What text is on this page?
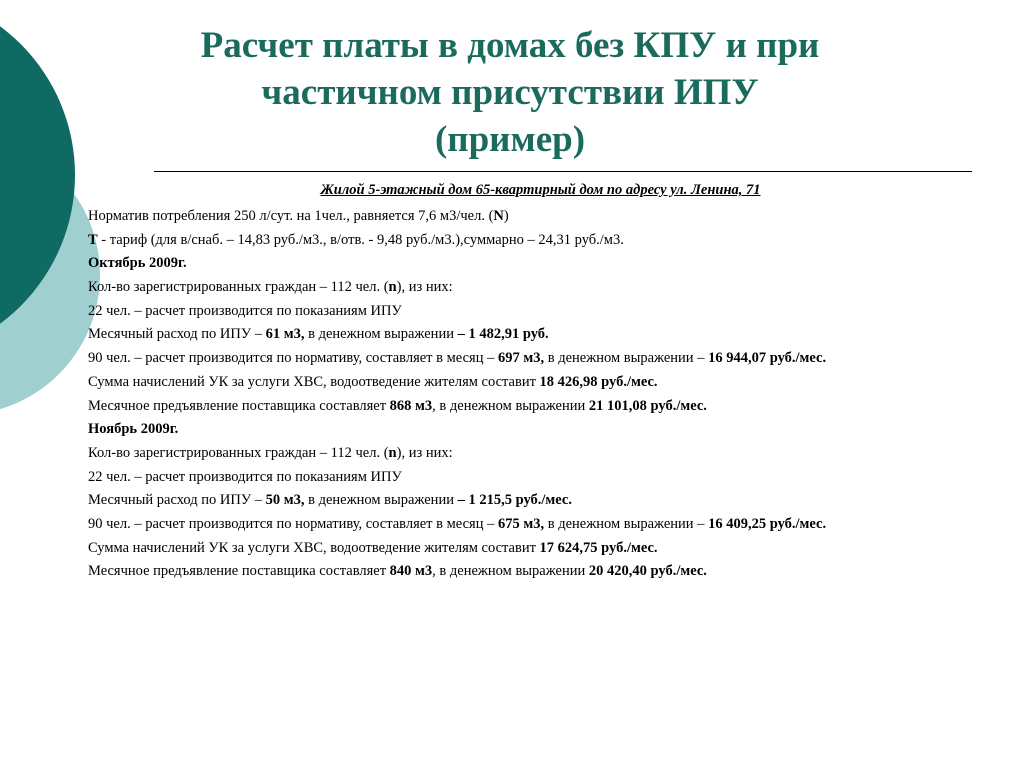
Расчет платы в домах без КПУ и при
частичном присутствии ИПУ
(пример)
Жилой 5-этажный дом 65-квартирный дом по адресу ул. Ленина, 71
Норматив потребления 250 л/сут. на 1чел., равняется 7,6 м3/чел. (N)
Т - тариф (для в/снаб. – 14,83 руб./м3., в/отв. - 9,48 руб./м3.),суммарно – 24,31 руб./м3.
Октябрь 2009г.
Кол-во зарегистрированных граждан – 112 чел. (n), из них:
22 чел. – расчет производится по показаниям ИПУ
Месячный расход по ИПУ – 61 м3, в денежном выражении – 1 482,91 руб.
90 чел. – расчет производится по нормативу, составляет в месяц – 697 м3, в денежном выражении – 16 944,07 руб./мес.
Сумма начислений УК за услуги ХВС, водоотведение жителям составит 18 426,98 руб./мес.
Месячное предъявление поставщика составляет 868 м3, в денежном выражении 21 101,08 руб./мес.
Ноябрь 2009г.
Кол-во зарегистрированных граждан – 112 чел. (n), из них:
22 чел. – расчет производится по показаниям ИПУ
Месячный расход по ИПУ – 50 м3, в денежном выражении – 1 215,5 руб./мес.
90 чел. – расчет производится по нормативу, составляет в месяц – 675 м3, в денежном выражении – 16 409,25 руб./мес.
Сумма начислений УК за услуги ХВС, водоотведение жителям составит 17 624,75 руб./мес.
Месячное предъявление поставщика составляет 840 м3, в денежном выражении 20 420,40 руб./мес.
